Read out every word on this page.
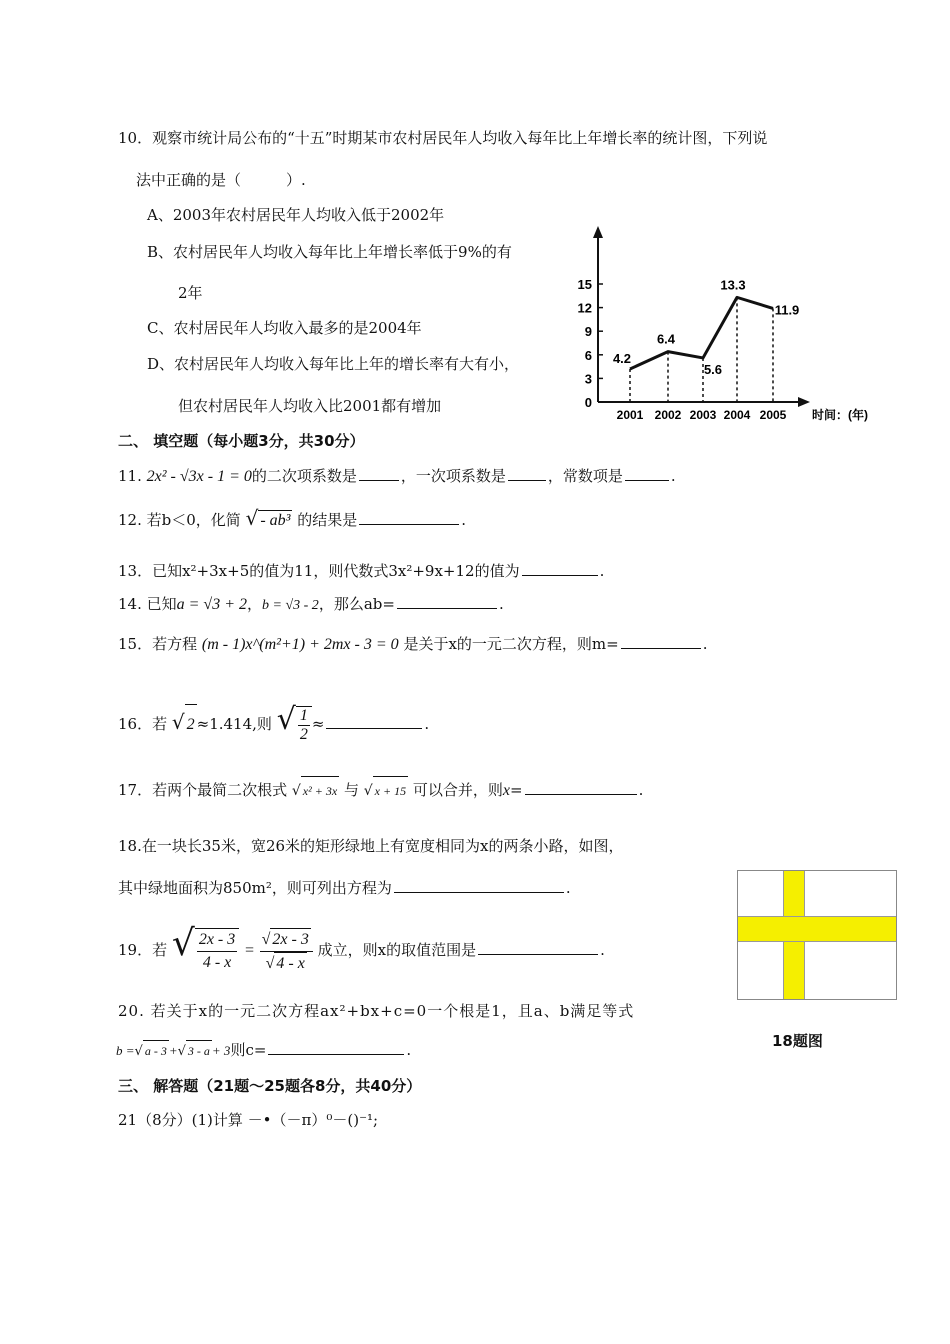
10．观察市统计局公布的“十五”时期某市农村居民年人均收入每年比上年增长率的统计图，下列说
法中正确的是（　　　）.
A、2003年农村居民年人均收入低于2002年
B、农村居民年人均收入每年比上年增长率低于9%的有
2年
C、农村居民年人均收入最多的是2004年
D、农村居民年人均收入每年比上年的增长率有大有小，
但农村居民年人均收入比2001都有增加	0
3
6
9
12
15
2001 2002 2003 2004 2005 时间：(年)
4.2
6.4
5.6
13.3
11.9
二、 填空题（每小题3分，共30分）
11. 2x² - √3x - 1 = 0的二次项系数是	，一次项系数是	，常数项是	.
12. 若b＜0，化简 √ - ab³ 的结果是	.
13．已知x²+3x+5的值为11，则代数式3x²+9x+12的值为	.
14. 已知a = √3 + 2，b = √3 - 2，那么ab=	.
15．若方程 (m - 1)x^(m²+1) + 2mx - 3 = 0 是关于x的一元二次方程，则m=	.
16．若 √ 2 ≈1.414,则 √ $\frac{1}{2}$ ≈	.
17．若两个最简二次根式 √ x² + 3x 与 √ x + 15 可以合并，则x=	.
18.在一块长35米，宽26米的矩形绿地上有宽度相同为x的两条小路，如图，
其中绿地面积为850m²，则可列出方程为	.
18题图
19．若 √ $\frac{2x - 3}{4 - x} = \frac{√ 2x - 3}{√ 4 - x}$ 成立，则x的取值范围是	.
20. 若关于x的一元二次方程ax²+bx+c=0一个根是1，且a、b满足等式
b =√ a - 3 +√ 3 - a + 3则c=	.
三、 解答题（21题～25题各8分，共40分）
21（8分）(1)计算 －•（－π）⁰－()⁻¹;
